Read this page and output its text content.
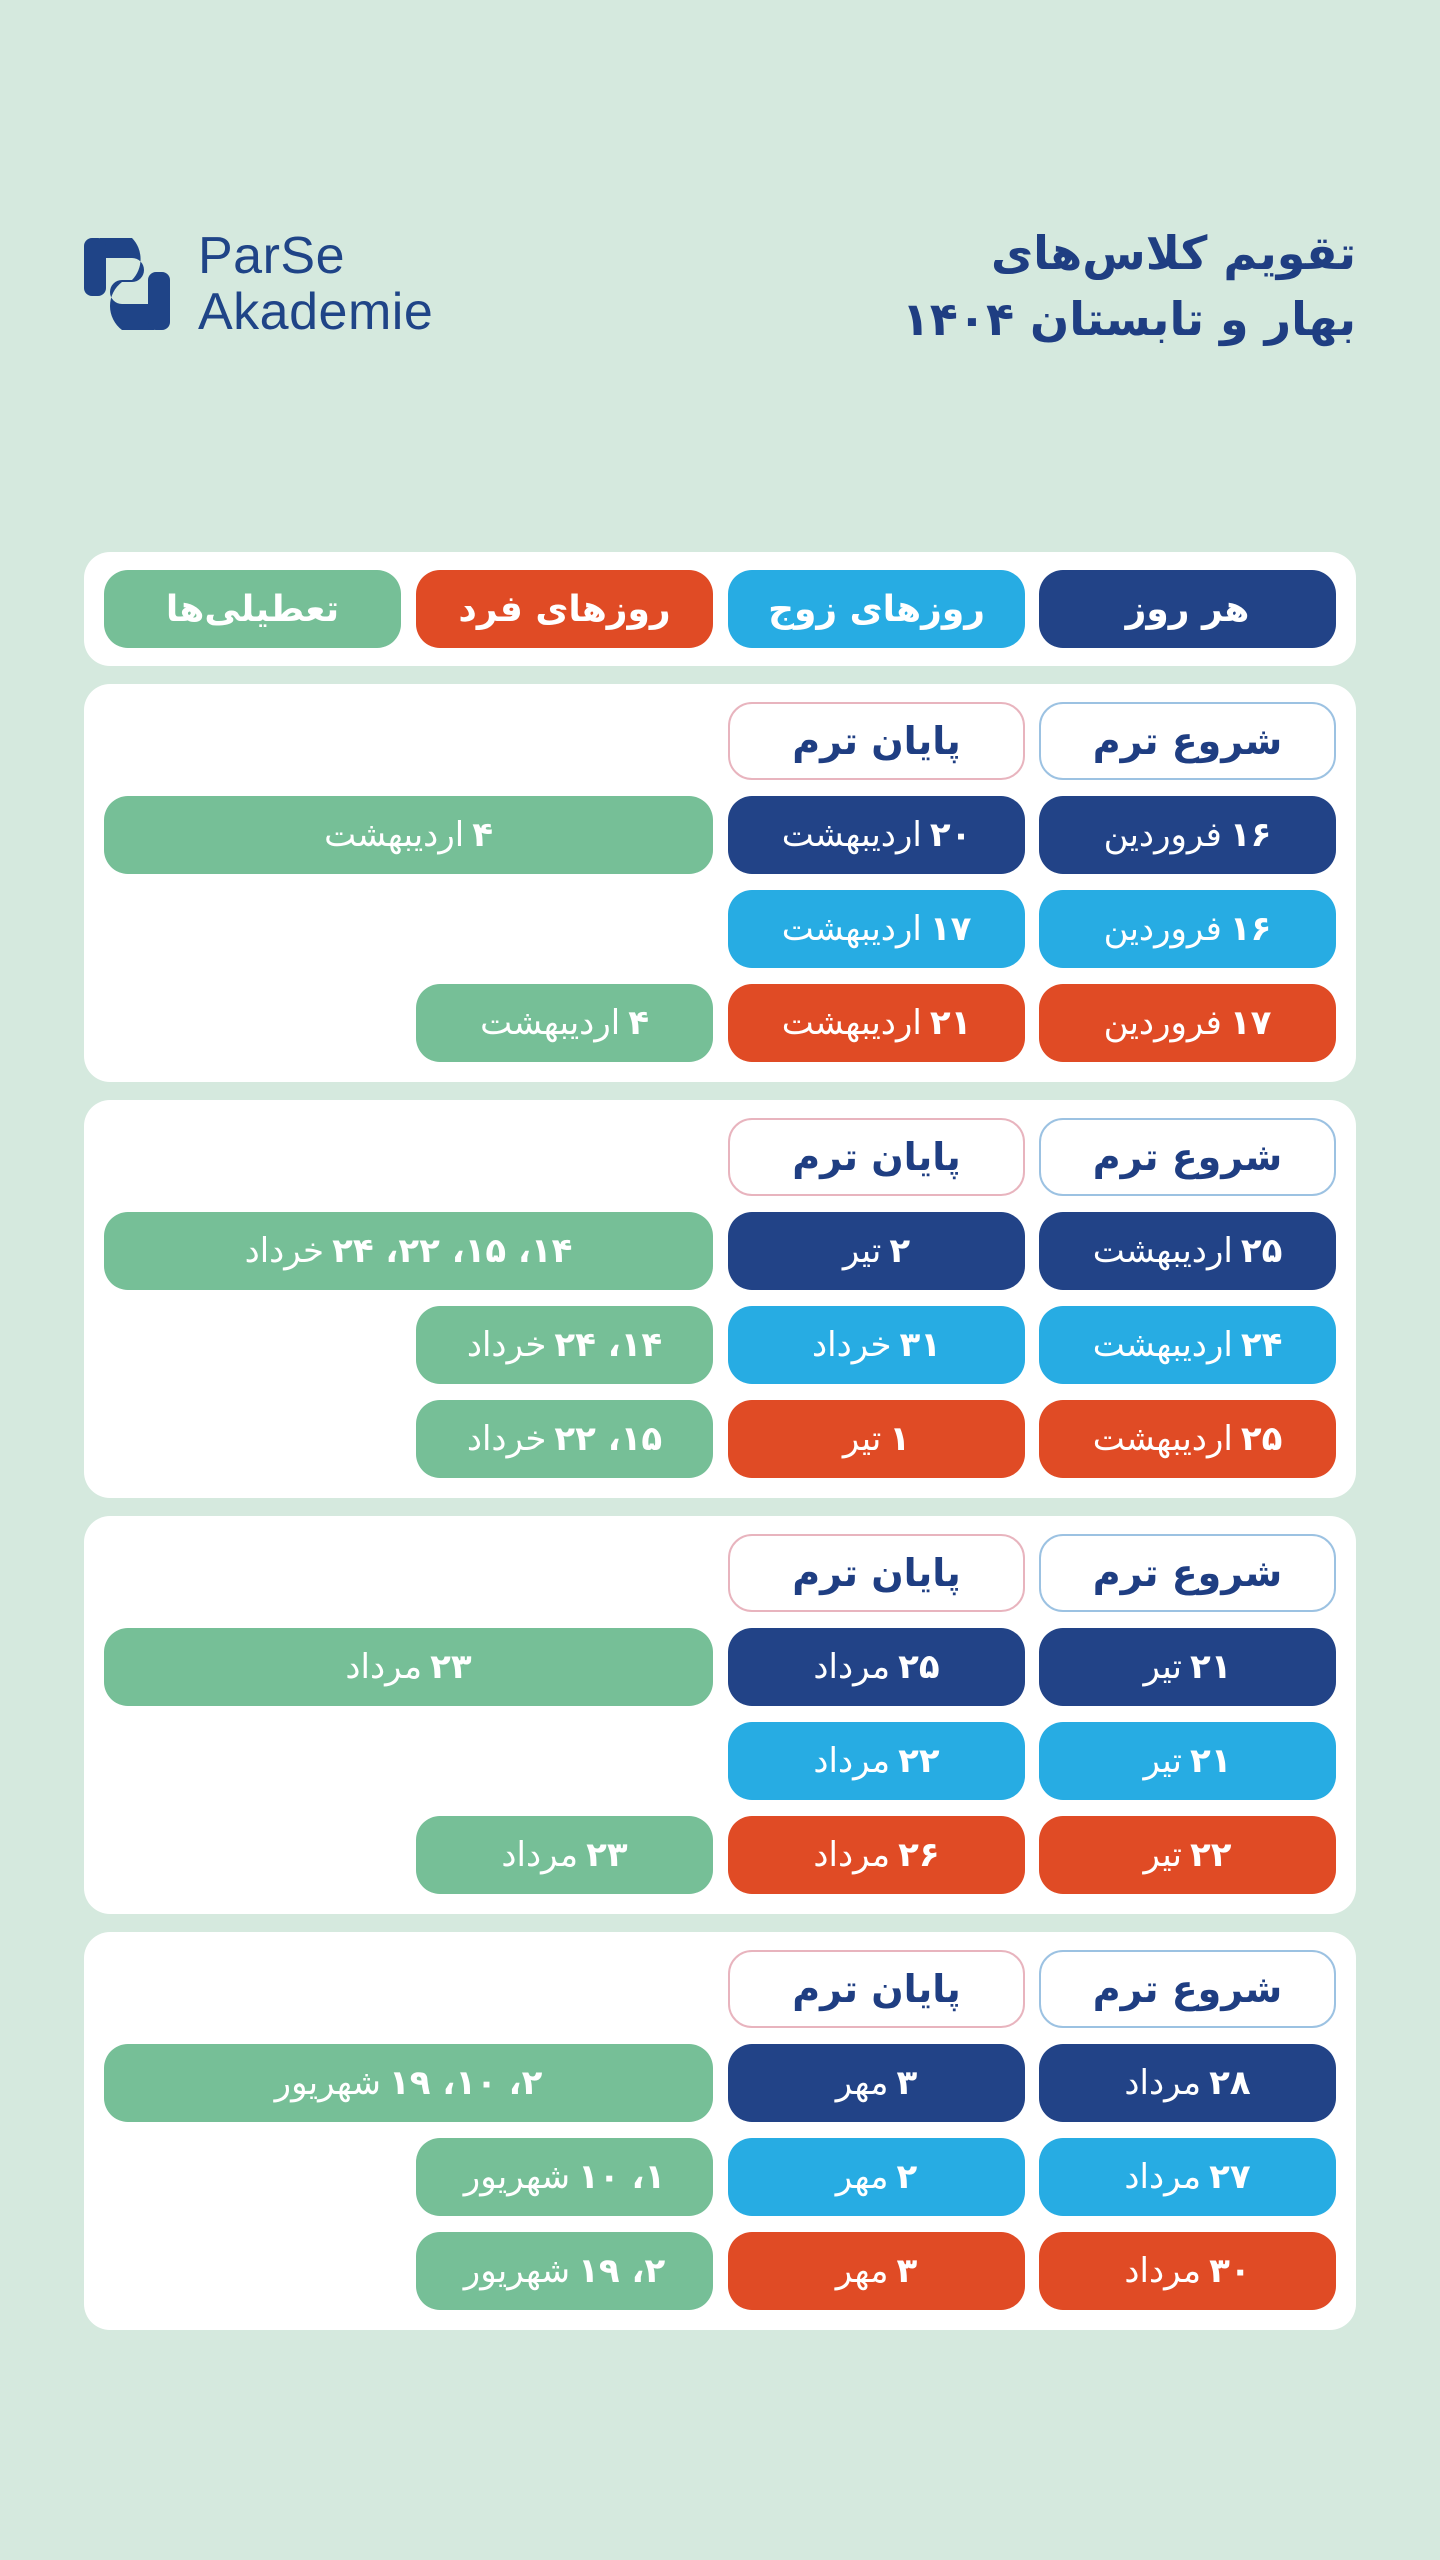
ParSe
Akademie
تقویم کلاس‌های
بهار و تابستان ۱۴۰۴
هر روز
روزهای زوج
روزهای فرد
تعطیلی‌ها
شروع ترم
پایان ترم
۱۶
فروردین
۲۰
اردیبهشت
۴
اردیبهشت
۱۶
فروردین
۱۷
اردیبهشت
۱۷
فروردین
۲۱
اردیبهشت
۴
اردیبهشت
شروع ترم
پایان ترم
۲۵
اردیبهشت
۲
تیر
۱۴، ۱۵، ۲۲، ۲۴
خرداد
۲۴
اردیبهشت
۳۱
خرداد
۱۴، ۲۴
خرداد
۲۵
اردیبهشت
۱
تیر
۱۵، ۲۲
خرداد
شروع ترم
پایان ترم
۲۱
تیر
۲۵
مرداد
۲۳
مرداد
۲۱
تیر
۲۲
مرداد
۲۲
تیر
۲۶
مرداد
۲۳
مرداد
شروع ترم
پایان ترم
۲۸
مرداد
۳
مهر
۲، ۱۰، ۱۹
شهریور
۲۷
مرداد
۲
مهر
۱، ۱۰
شهریور
۳۰
مرداد
۳
مهر
۲، ۱۹
شهریور
